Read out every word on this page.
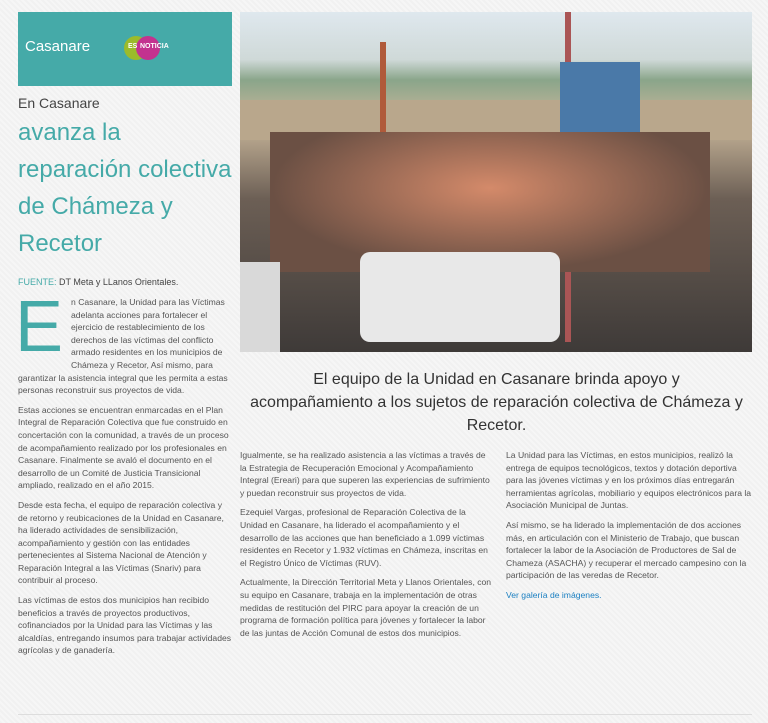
Casanare	ES NOTICIA
En Casanare
avanza la reparación colectiva de Chámeza y Recetor
FUENTE: DT Meta y LLanos Orientales.

En Casanare, la Unidad para las Víctimas adelanta acciones para fortalecer el ejercicio de restablecimiento de los derechos de las víctimas del conflicto armado residentes en los municipios de Chámeza y Recetor, Así mismo, para garantizar la asistencia integral que les permita a estas personas reconstruir sus proyectos de vida.

Estas acciones se encuentran enmarcadas en el Plan Integral de Reparación Colectiva que fue construido en concertación con la comunidad, a través de un proceso de acompañamiento realizado por los profesionales en Casanare. Finalmente se avaló el documento en el desarrollo de un Comité de Justicia Transicional ampliado, realizado en el año 2015.

Desde esta fecha, el equipo de reparación colectiva y de retorno y reubicaciones de la Unidad en Casanare, ha liderado actividades de sensibilización, acompañamiento y gestión con las entidades pertenecientes al Sistema Nacional de Atención y Reparación Integral a las Víctimas (Snariv) para contribuir al proceso.

Las víctimas de estos dos municipios han recibido beneficios a través de proyectos productivos, cofinanciados por la Unidad para las Víctimas y las alcaldías, entregando insumos para trabajar actividades agrícolas y de ganadería.

El equipo de la Unidad en Casanare brinda apoyo y acompañamiento a los sujetos de reparación colectiva de Chámeza y Recetor.

Igualmente, se ha realizado asistencia a las víctimas a través de la Estrategia de Recuperación Emocional y Acompañamiento Integral (Ereari) para que superen las experiencias de sufrimiento y puedan reconstruir sus proyectos de vida.

Ezequiel Vargas, profesional de Reparación Colectiva de la Unidad en Casanare, ha liderado el acompañamiento y el desarrollo de las acciones que han beneficiado a 1.099 víctimas residentes en Recetor y 1.932 víctimas en Chámeza, inscritas en el Registro Único de Víctimas (RUV).

Actualmente, la Dirección Territorial Meta y Llanos Orientales, con su equipo en Casanare, trabaja en la implementación de otras medidas de restitución del PIRC para apoyar la creación de un programa de formación política para jóvenes y fortalecer la labor de las juntas de Acción Comunal de estos dos municipios.

La Unidad para las Víctimas, en estos municipios, realizó la entrega de equipos tecnológicos, textos y dotación deportiva para las jóvenes víctimas y en los próximos días entregarán herramientas agrícolas, mobiliario y equipos electrónicos para la Asociación Municipal de Juntas.

Así mismo, se ha liderado la implementación de dos acciones más, en articulación con el Ministerio de Trabajo, que buscan fortalecer la labor de la Asociación de Productores de Sal de Chameza (ASACHA) y recuperar el mercado campesino con la participación de las veredas de Recetor.

Ver galería de imágenes.
